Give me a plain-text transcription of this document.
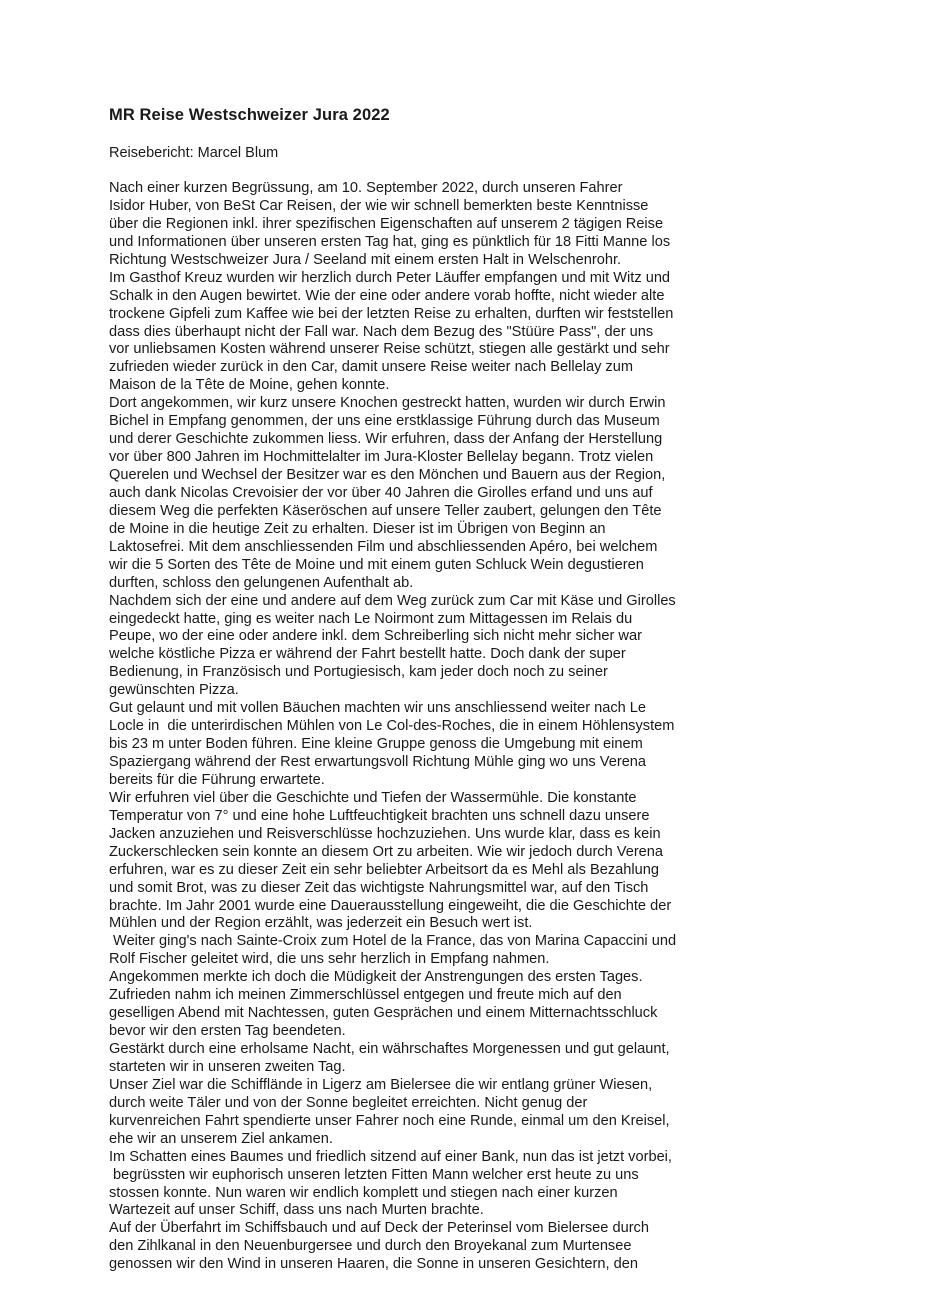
MR Reise Westschweizer Jura 2022
Reisebericht: Marcel Blum
Nach einer kurzen Begrüssung, am 10. September 2022, durch unseren Fahrer
Isidor Huber, von BeSt Car Reisen, der wie wir schnell bemerkten beste Kenntnisse
über die Regionen inkl. ihrer spezifischen Eigenschaften auf unserem 2 tägigen Reise
und Informationen über unseren ersten Tag hat, ging es pünktlich für 18 Fitti Manne los
Richtung Westschweizer Jura / Seeland mit einem ersten Halt in Welschenrohr.
Im Gasthof Kreuz wurden wir herzlich durch Peter Läuffer empfangen und mit Witz und
Schalk in den Augen bewirtet. Wie der eine oder andere vorab hoffte, nicht wieder alte
trockene Gipfeli zum Kaffee wie bei der letzten Reise zu erhalten, durften wir feststellen
dass dies überhaupt nicht der Fall war. Nach dem Bezug des "Stüüre Pass", der uns
vor unliebsamen Kosten während unserer Reise schützt, stiegen alle gestärkt und sehr
zufrieden wieder zurück in den Car, damit unsere Reise weiter nach Bellelay zum
Maison de la Tête de Moine, gehen konnte.
Dort angekommen, wir kurz unsere Knochen gestreckt hatten, wurden wir durch Erwin
Bichel in Empfang genommen, der uns eine erstklassige Führung durch das Museum
und derer Geschichte zukommen liess. Wir erfuhren, dass der Anfang der Herstellung
vor über 800 Jahren im Hochmittelalter im Jura-Kloster Bellelay begann. Trotz vielen
Querelen und Wechsel der Besitzer war es den Mönchen und Bauern aus der Region,
auch dank Nicolas Crevoisier der vor über 40 Jahren die Girolles erfand und uns auf
diesem Weg die perfekten Käseröschen auf unsere Teller zaubert, gelungen den Tête
de Moine in die heutige Zeit zu erhalten. Dieser ist im Übrigen von Beginn an
Laktosefrei. Mit dem anschliessenden Film und abschliessenden Apéro, bei welchem
wir die 5 Sorten des Tête de Moine und mit einem guten Schluck Wein degustieren
durften, schloss den gelungenen Aufenthalt ab.
Nachdem sich der eine und andere auf dem Weg zurück zum Car mit Käse und Girolles
eingedeckt hatte, ging es weiter nach Le Noirmont zum Mittagessen im Relais du
Peupe, wo der eine oder andere inkl. dem Schreiberling sich nicht mehr sicher war
welche köstliche Pizza er während der Fahrt bestellt hatte. Doch dank der super
Bedienung, in Französisch und Portugiesisch, kam jeder doch noch zu seiner
gewünschten Pizza.
Gut gelaunt und mit vollen Bäuchen machten wir uns anschliessend weiter nach Le
Locle in  die unterirdischen Mühlen von Le Col-des-Roches, die in einem Höhlensystem
bis 23 m unter Boden führen. Eine kleine Gruppe genoss die Umgebung mit einem
Spaziergang während der Rest erwartungsvoll Richtung Mühle ging wo uns Verena
bereits für die Führung erwartete.
Wir erfuhren viel über die Geschichte und Tiefen der Wassermühle. Die konstante
Temperatur von 7° und eine hohe Luftfeuchtigkeit brachten uns schnell dazu unsere
Jacken anzuziehen und Reisverschlüsse hochzuziehen. Uns wurde klar, dass es kein
Zuckerschlecken sein konnte an diesem Ort zu arbeiten. Wie wir jedoch durch Verena
erfuhren, war es zu dieser Zeit ein sehr beliebter Arbeitsort da es Mehl als Bezahlung
und somit Brot, was zu dieser Zeit das wichtigste Nahrungsmittel war, auf den Tisch
brachte. Im Jahr 2001 wurde eine Dauerausstellung eingeweiht, die die Geschichte der
Mühlen und der Region erzählt, was jederzeit ein Besuch wert ist.
Weiter ging's nach Sainte-Croix zum Hotel de la France, das von Marina Capaccini und
Rolf Fischer geleitet wird, die uns sehr herzlich in Empfang nahmen.
Angekommen merkte ich doch die Müdigkeit der Anstrengungen des ersten Tages.
Zufrieden nahm ich meinen Zimmerschlüssel entgegen und freute mich auf den
geselligen Abend mit Nachtessen, guten Gesprächen und einem Mitternachtsschluck
bevor wir den ersten Tag beendeten.
Gestärkt durch eine erholsame Nacht, ein währschaftes Morgenessen und gut gelaunt,
starteten wir in unseren zweiten Tag.
Unser Ziel war die Schiffländе in Ligerz am Bielersee die wir entlang grüner Wiesen,
durch weite Täler und von der Sonne begleitet erreichten. Nicht genug der
kurvenreichen Fahrt spendierte unser Fahrer noch eine Runde, einmal um den Kreisel,
ehe wir an unserem Ziel ankamen.
Im Schatten eines Baumes und friedlich sitzend auf einer Bank, nun das ist jetzt vorbei,
begrüssten wir euphorisch unseren letzten Fitten Mann welcher erst heute zu uns
stossen konnte. Nun waren wir endlich komplett und stiegen nach einer kurzen
Wartezeit auf unser Schiff, dass uns nach Murten brachte.
Auf der Überfahrt im Schiffsbauch und auf Deck der Peterinsel vom Bielersee durch
den Zihlkanal in den Neuenburgersee und durch den Broyekanal zum Murtensee
genossen wir den Wind in unseren Haaren, die Sonne in unseren Gesichtern, den
